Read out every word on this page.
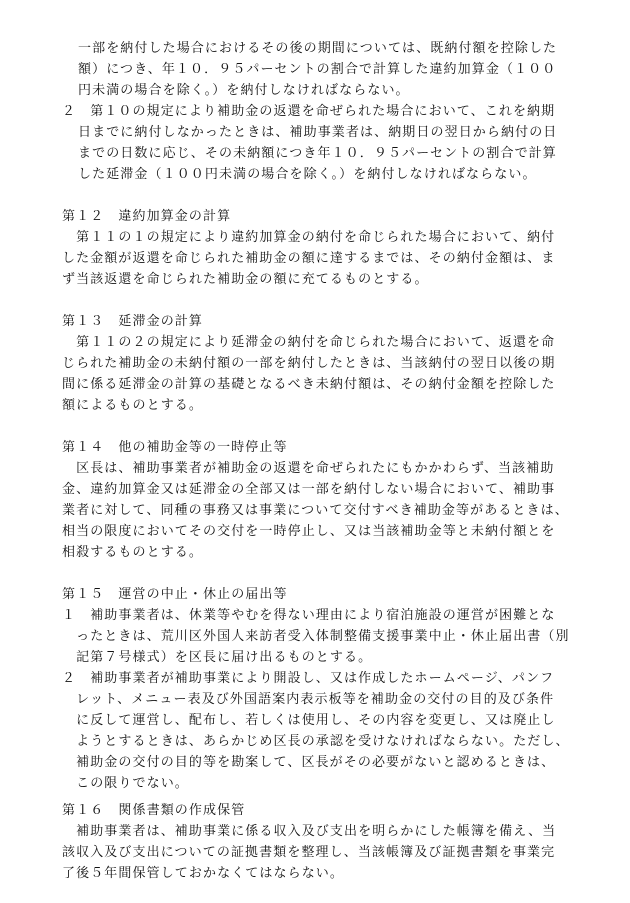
一部を納付した場合におけるその後の期間については、既納付額を控除した
額）につき、年１０．９５パーセントの割合で計算した違約加算金（１００
円未満の場合を除く。）を納付しなければならない。
２　第１０の規定により補助金の返還を命ぜられた場合において、これを納期
日までに納付しなかったときは、補助事業者は、納期日の翌日から納付の日
までの日数に応じ、その未納額につき年１０．９５パーセントの割合で計算
した延滞金（１００円未満の場合を除く。）を納付しなければならない。
第１２　違約加算金の計算
　第１１の１の規定により違約加算金の納付を命じられた場合において、納付
した金額が返還を命じられた補助金の額に達するまでは、その納付金額は、ま
ず当該返還を命じられた補助金の額に充てるものとする。
第１３　延滞金の計算
　第１１の２の規定により延滞金の納付を命じられた場合において、返還を命
じられた補助金の未納付額の一部を納付したときは、当該納付の翌日以後の期
間に係る延滞金の計算の基礎となるべき未納付額は、その納付金額を控除した
額によるものとする。
第１４　他の補助金等の一時停止等
　区長は、補助事業者が補助金の返還を命ぜられたにもかかわらず、当該補助
金、違約加算金又は延滞金の全部又は一部を納付しない場合において、補助事
業者に対して、同種の事務又は事業について交付すべき補助金等があるときは、
相当の限度においてその交付を一時停止し、又は当該補助金等と未納付額とを
相殺するものとする。
第１５　運営の中止・休止の届出等
１　補助事業者は、休業等やむを得ない理由により宿泊施設の運営が困難とな
　ったときは、荒川区外国人来訪者受入体制整備支援事業中止・休止届出書（別
　記第７号様式）を区長に届け出るものとする。
２　補助事業者が補助事業により開設し、又は作成したホームページ、パンフ
　レット、メニュー表及び外国語案内表示板等を補助金の交付の目的及び条件
　に反して運営し、配布し、若しくは使用し、その内容を変更し、又は廃止し
　ようとするときは、あらかじめ区長の承認を受けなければならない。ただし、
　補助金の交付の目的等を勘案して、区長がその必要がないと認めるときは、
　この限りでない。
第１６　関係書類の作成保管
　補助事業者は、補助事業に係る収入及び支出を明らかにした帳簿を備え、当
該収入及び支出についての証拠書類を整理し、当該帳簿及び証拠書類を事業完
了後５年間保管しておかなくてはならない。
